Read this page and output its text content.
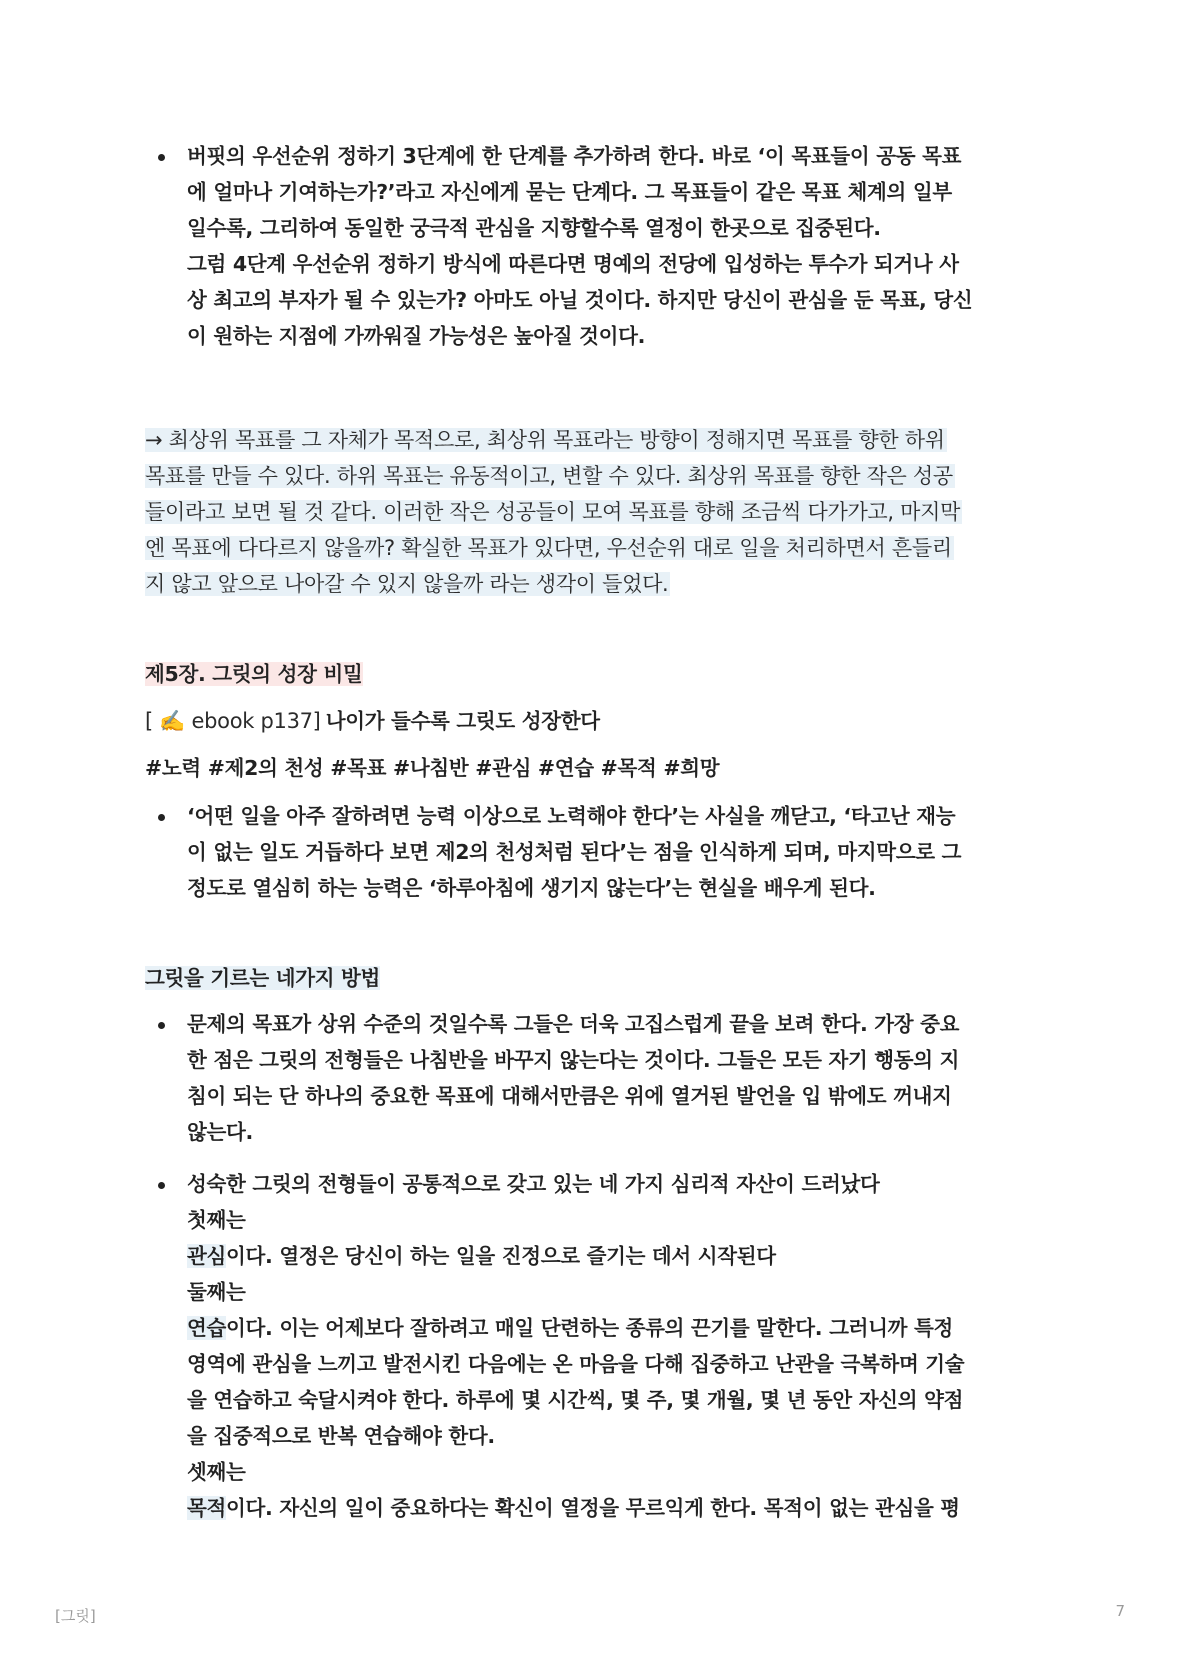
버핏의 우선순위 정하기 3단계에 한 단계를 추가하려 한다. 바로 ‘이 목표들이 공동 목표
에 얼마나 기여하는가?’라고 자신에게 묻는 단계다. 그 목표들이 같은 목표 체계의 일부
일수록, 그리하여 동일한 궁극적 관심을 지향할수록 열정이 한곳으로 집중된다.
그럼 4단계 우선순위 정하기 방식에 따른다면 명예의 전당에 입성하는 투수가 되거나 사
상 최고의 부자가 될 수 있는가? 아마도 아닐 것이다. 하지만 당신이 관심을 둔 목표, 당신
이 원하는 지점에 가까워질 가능성은 높아질 것이다.
→ 최상위 목표를 그 자체가 목적으로, 최상위 목표라는 방향이 정해지면 목표를 향한 하위
목표를 만들 수 있다. 하위 목표는 유동적이고, 변할 수 있다. 최상위 목표를 향한 작은 성공
들이라고 보면 될 것 같다. 이러한 작은 성공들이 모여 목표를 향해 조금씩 다가가고, 마지막
엔 목표에 다다르지 않을까? 확실한 목표가 있다면, 우선순위 대로 일을 처리하면서 흔들리
지 않고 앞으로 나아갈 수 있지 않을까 라는 생각이 들었다.
제5장. 그릿의 성장 비밀
[ ✍️ ebook p137] 나이가 들수록 그릿도 성장한다
#노력 #제2의 천성 #목표 #나침반 #관심 #연습 #목적 #희망
‘어떤 일을 아주 잘하려면 능력 이상으로 노력해야 한다’는 사실을 깨닫고, ‘타고난 재능
이 없는 일도 거듭하다 보면 제2의 천성처럼 된다’는 점을 인식하게 되며, 마지막으로 그
정도로 열심히 하는 능력은 ‘하루아침에 생기지 않는다’는 현실을 배우게 된다.
그릿을 기르는 네가지 방법
문제의 목표가 상위 수준의 것일수록 그들은 더욱 고집스럽게 끝을 보려 한다. 가장 중요
한 점은 그릿의 전형들은 나침반을 바꾸지 않는다는 것이다. 그들은 모든 자기 행동의 지
침이 되는 단 하나의 중요한 목표에 대해서만큼은 위에 열거된 발언을 입 밖에도 꺼내지
않는다.
성숙한 그릿의 전형들이 공통적으로 갖고 있는 네 가지 심리적 자산이 드러났다
첫째는
관심이다. 열정은 당신이 하는 일을 진정으로 즐기는 데서 시작된다
둘째는
연습이다. 이는 어제보다 잘하려고 매일 단련하는 종류의 끈기를 말한다. 그러니까 특정
영역에 관심을 느끼고 발전시킨 다음에는 온 마음을 다해 집중하고 난관을 극복하며 기술
을 연습하고 숙달시켜야 한다. 하루에 몇 시간씩, 몇 주, 몇 개월, 몇 년 동안 자신의 약점
을 집중적으로 반복 연습해야 한다.
셋째는
목적이다. 자신의 일이 중요하다는 확신이 열정을 무르익게 한다. 목적이 없는 관심을 평
[그릿]	7
